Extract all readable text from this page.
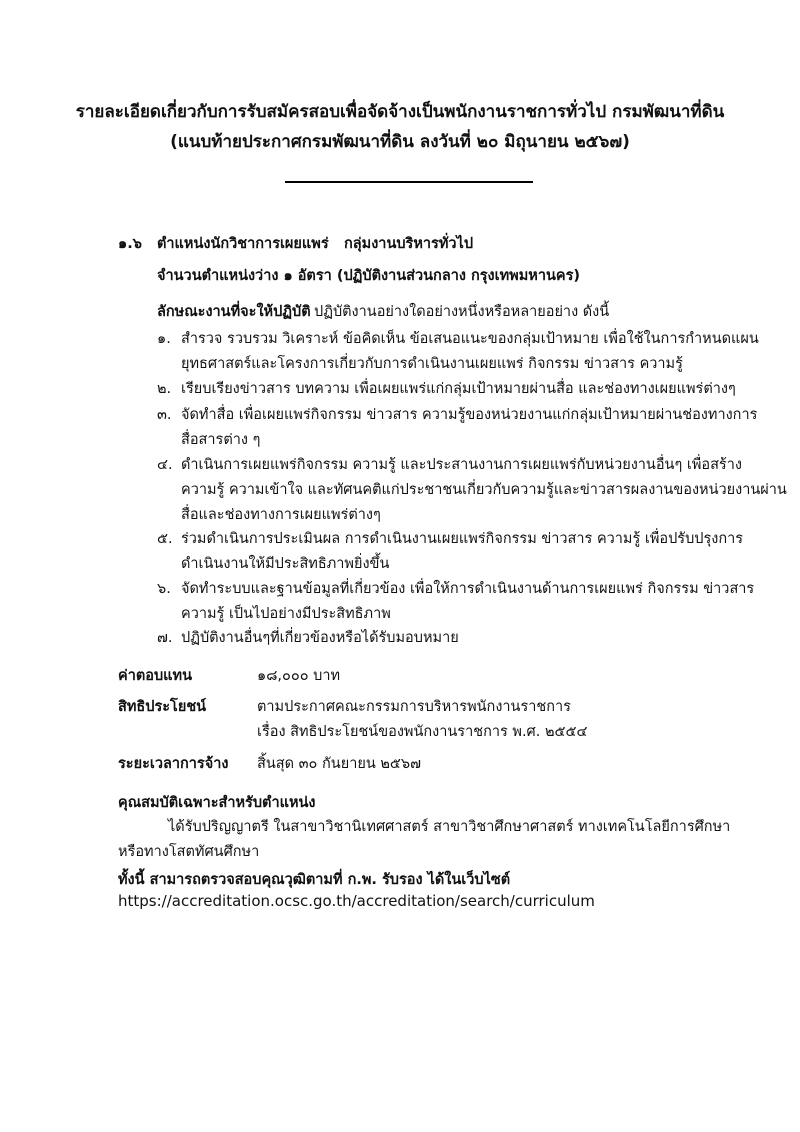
รายละเอียดเกี่ยวกับการรับสมัครสอบเพื่อจัดจ้างเป็นพนักงานราชการทั่วไป กรมพัฒนาที่ดิน
(แนบท้ายประกาศกรมพัฒนาที่ดิน ลงวันที่ ๒๐ มิถุนายน ๒๕๖๗)
๑.๖ ตำแหน่งนักวิชาการเผยแพร่ กลุ่มงานบริหารทั่วไป
จำนวนตำแหน่งว่าง ๑ อัตรา (ปฏิบัติงานส่วนกลาง กรุงเทพมหานคร)
ลักษณะงานที่จะให้ปฏิบัติ ปฏิบัติงานอย่างใดอย่างหนึ่งหรือหลายอย่าง ดังนี้
๑. สำรวจ รวบรวม วิเคราะห์ ข้อคิดเห็น ข้อเสนอแนะของกลุ่มเป้าหมาย เพื่อใช้ในการกำหนดแผน
ยุทธศาสตร์และโครงการเกี่ยวกับการดำเนินงานเผยแพร่ กิจกรรม ข่าวสาร ความรู้
๒. เรียบเรียงข่าวสาร บทความ เพื่อเผยแพร่แก่กลุ่มเป้าหมายผ่านสื่อ และช่องทางเผยแพร่ต่างๆ
๓. จัดทำสื่อ เพื่อเผยแพร่กิจกรรม ข่าวสาร ความรู้ของหน่วยงานแก่กลุ่มเป้าหมายผ่านช่องทางการ
สื่อสารต่าง ๆ
๔. ดำเนินการเผยแพร่กิจกรรม ความรู้ และประสานงานการเผยแพร่กับหน่วยงานอื่นๆ เพื่อสร้าง
ความรู้ ความเข้าใจ และทัศนคติแก่ประชาชนเกี่ยวกับความรู้และข่าวสารผลงานของหน่วยงานผ่าน
สื่อและช่องทางการเผยแพร่ต่างๆ
๕. ร่วมดำเนินการประเมินผล การดำเนินงานเผยแพร่กิจกรรม ข่าวสาร ความรู้ เพื่อปรับปรุงการ
ดำเนินงานให้มีประสิทธิภาพยิ่งขึ้น
๖. จัดทำระบบและฐานข้อมูลที่เกี่ยวข้อง เพื่อให้การดำเนินงานด้านการเผยแพร่ กิจกรรม ข่าวสาร
ความรู้ เป็นไปอย่างมีประสิทธิภาพ
๗. ปฏิบัติงานอื่นๆที่เกี่ยวข้องหรือได้รับมอบหมาย
ค่าตอบแทน	๑๘,๐๐๐ บาท
สิทธิประโยชน์	ตามประกาศคณะกรรมการบริหารพนักงานราชการ
เรื่อง สิทธิประโยชน์ของพนักงานราชการ พ.ศ. ๒๕๕๔
ระยะเวลาการจ้าง สิ้นสุด ๓๐ กันยายน ๒๕๖๗
คุณสมบัติเฉพาะสำหรับตำแหน่ง
ได้รับปริญญาตรี ในสาขาวิชานิเทศศาสตร์ สาขาวิชาศึกษาศาสตร์ ทางเทคโนโลยีการศึกษา
หรือทางโสตทัศนศึกษา
ทั้งนี้ สามารถตรวจสอบคุณวุฒิตามที่ ก.พ. รับรอง ได้ในเว็บไซต์
https://accreditation.ocsc.go.th/accreditation/search/curriculum
